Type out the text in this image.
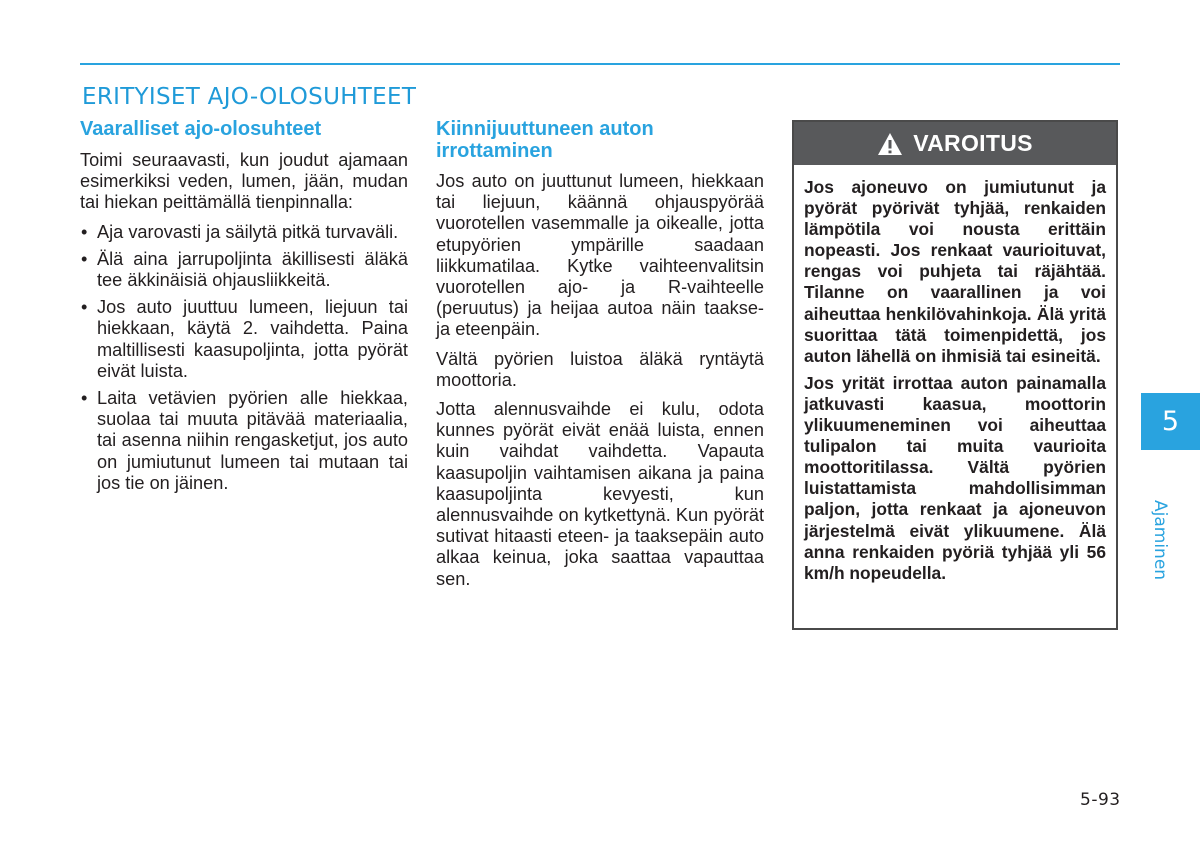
ERITYISET AJO-OLOSUHTEET
Vaaralliset ajo-olosuhteet

Toimi seuraavasti, kun joudut ajamaan esimerkiksi veden, lumen, jään, mudan tai hiekan peittämällä tienpinnalla:

• Aja varovasti ja säilytä pitkä turvaväli.
• Älä aina jarrupoljinta äkillisesti äläkä tee äkkinäisiä ohjausliikkeitä.
• Jos auto juuttuu lumeen, liejuun tai hiekkaan, käytä 2. vaihdetta. Paina maltillisesti kaasupoljinta, jotta pyörät eivät luista.
• Laita vetävien pyörien alle hiekkaa, suolaa tai muuta pitävää materiaalia, tai asenna niihin rengasketjut, jos auto on jumiutunut lumeen tai mutaan tai jos tie on jäinen.
Kiinnijuuttuneen auton irrottaminen

Jos auto on juuttunut lumeen, hiekkaan tai liejuun, käännä ohjauspyörää vuorotellen vasemmalle ja oikealle, jotta etupyörien ympärille saadaan liikkumatilaa. Kytke vaihteenvalitsin vuorotellen ajo- ja R-vaihteelle (peruutus) ja heijaa autoa näin taakse- ja eteenpäin.

Vältä pyörien luistoa äläkä ryntäytä moottoria.

Jotta alennusvaihde ei kulu, odota kunnes pyörät eivät enää luista, ennen kuin vaihdat vaihdetta. Vapauta kaasupoljin vaihtamisen aikana ja paina kaasupoljinta kevyesti, kun alennusvaihde on kytkettynä. Kun pyörät sutivat hitaasti eteen- ja taaksepäin auto alkaa keinua, joka saattaa vapauttaa sen.

VAROITUS

Jos ajoneuvo on jumiutunut ja pyörät pyörivät tyhjää, renkaiden lämpötila voi nousta erittäin nopeasti. Jos renkaat vaurioituvat, rengas voi puhjeta tai räjähtää. Tilanne on vaarallinen ja voi aiheuttaa henkilövahinkoja. Älä yritä suorittaa tätä toimenpidettä, jos auton lähellä on ihmisiä tai esineitä.

Jos yrität irrottaa auton painamalla jatkuvasti kaasua, moottorin ylikuumeneminen voi aiheuttaa tulipalon tai muita vaurioita moottoritilassa. Vältä pyörien luistattamista mahdollisimman paljon, jotta renkaat ja ajoneuvon järjestelmä eivät ylikuumene. Älä anna renkaiden pyöriä tyhjää yli 56 km/h nopeudella.

5
Ajaminen
5-93
